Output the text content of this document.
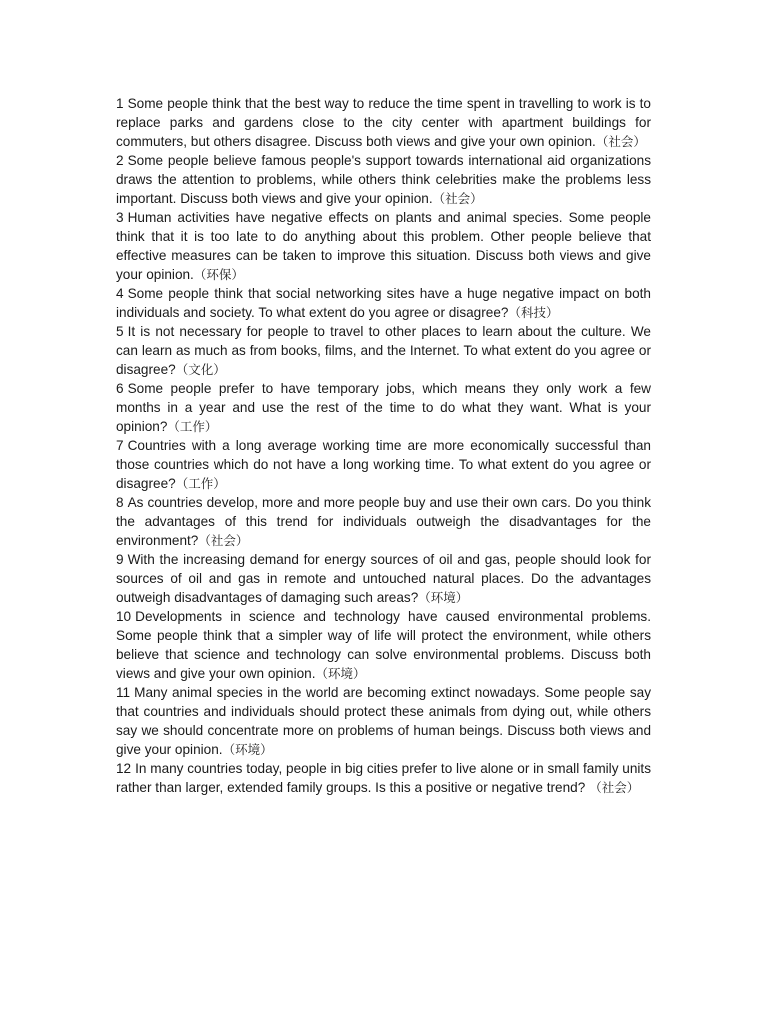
1 Some people think that the best way to reduce the time spent in travelling to work is to replace parks and gardens close to the city center with apartment buildings for commuters, but others disagree. Discuss both views and give your own opinion.（社会）

2 Some people believe famous people's support towards international aid organizations draws the attention to problems, while others think celebrities make the problems less important. Discuss both views and give your opinion.（社会）

3 Human activities have negative effects on plants and animal species. Some people think that it is too late to do anything about this problem. Other people believe that effective measures can be taken to improve this situation. Discuss both views and give your opinion.（环保）

4 Some people think that social networking sites have a huge negative impact on both individuals and society. To what extent do you agree or disagree?（科技）

5 It is not necessary for people to travel to other places to learn about the culture. We can learn as much as from books, films, and the Internet. To what extent do you agree or disagree?（文化）

6 Some people prefer to have temporary jobs, which means they only work a few months in a year and use the rest of the time to do what they want. What is your opinion?（工作）

7 Countries with a long average working time are more economically successful than those countries which do not have a long working time. To what extent do you agree or disagree?（工作）

8 As countries develop, more and more people buy and use their own cars. Do you think the advantages of this trend for individuals outweigh the disadvantages for the environment?（社会）

9 With the increasing demand for energy sources of oil and gas, people should look for sources of oil and gas in remote and untouched natural places. Do the advantages outweigh disadvantages of damaging such areas?（环境）

10 Developments in science and technology have caused environmental problems. Some people think that a simpler way of life will protect the environment, while others believe that science and technology can solve environmental problems. Discuss both views and give your own opinion.（环境）

11 Many animal species in the world are becoming extinct nowadays. Some people say that countries and individuals should protect these animals from dying out, while others say we should concentrate more on problems of human beings. Discuss both views and give your opinion.（环境）

12 In many countries today, people in big cities prefer to live alone or in small family units rather than larger, extended family groups. Is this a positive or negative trend? （社会）
